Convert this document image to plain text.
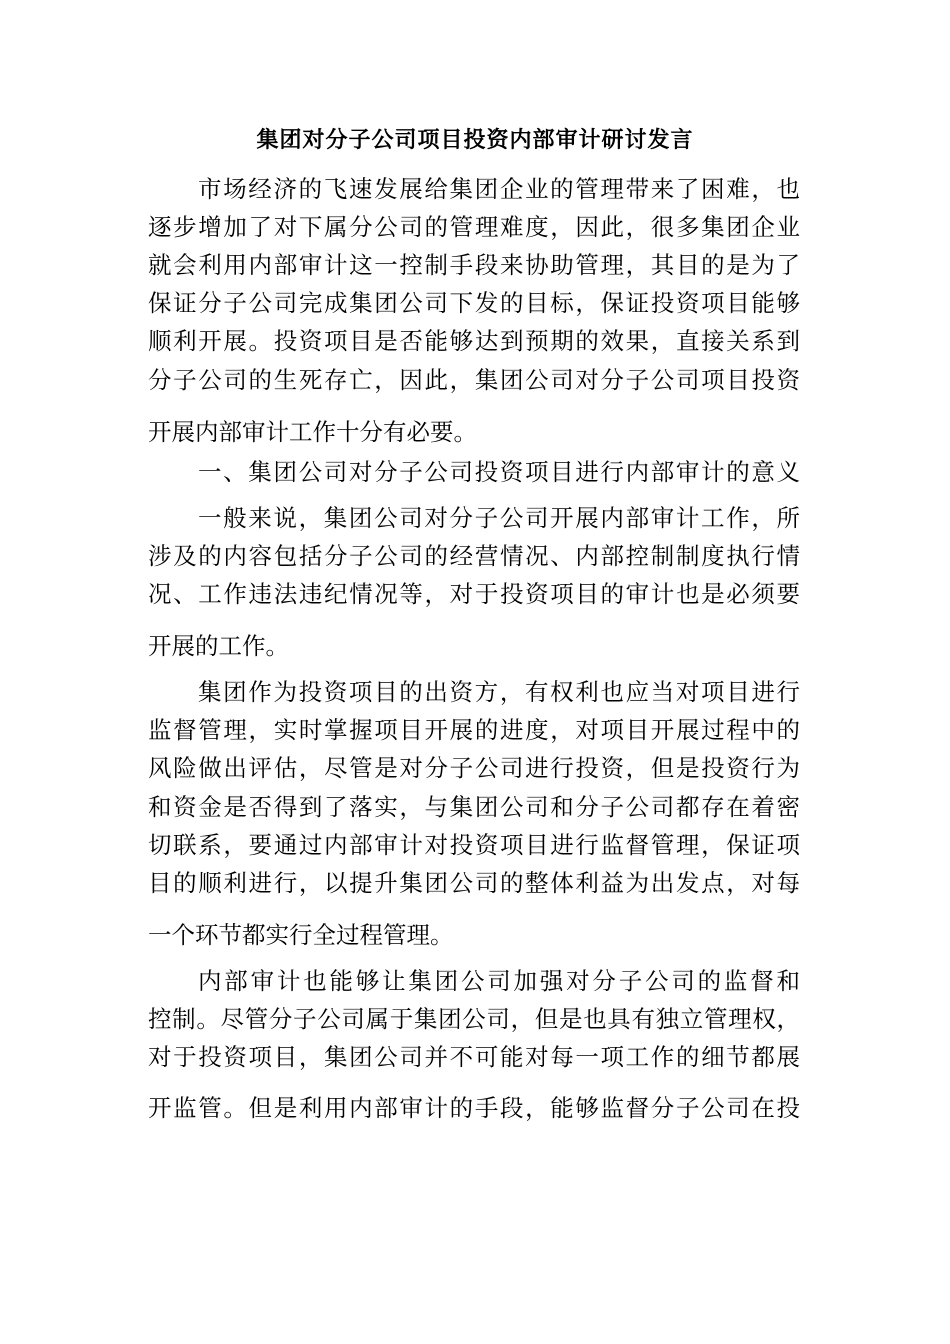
集团对分子公司项目投资内部审计研讨发言
市场经济的飞速发展给集团企业的管理带来了困难，也
逐步增加了对下属分公司的管理难度，因此，很多集团企业
就会利用内部审计这一控制手段来协助管理，其目的是为了
保证分子公司完成集团公司下发的目标，保证投资项目能够
顺利开展。投资项目是否能够达到预期的效果，直接关系到
分子公司的生死存亡，因此，集团公司对分子公司项目投资
开展内部审计工作十分有必要。
一、集团公司对分子公司投资项目进行内部审计的意义
一般来说，集团公司对分子公司开展内部审计工作，所
涉及的内容包括分子公司的经营情况、内部控制制度执行情
况、工作违法违纪情况等，对于投资项目的审计也是必须要
开展的工作。
集团作为投资项目的出资方，有权利也应当对项目进行
监督管理，实时掌握项目开展的进度，对项目开展过程中的
风险做出评估，尽管是对分子公司进行投资，但是投资行为
和资金是否得到了落实，与集团公司和分子公司都存在着密
切联系，要通过内部审计对投资项目进行监督管理，保证项
目的顺利进行，以提升集团公司的整体利益为出发点，对每
一个环节都实行全过程管理。
内部审计也能够让集团公司加强对分子公司的监督和
控制。尽管分子公司属于集团公司，但是也具有独立管理权，
对于投资项目，集团公司并不可能对每一项工作的细节都展
开监管。但是利用内部审计的手段，能够监督分子公司在投
